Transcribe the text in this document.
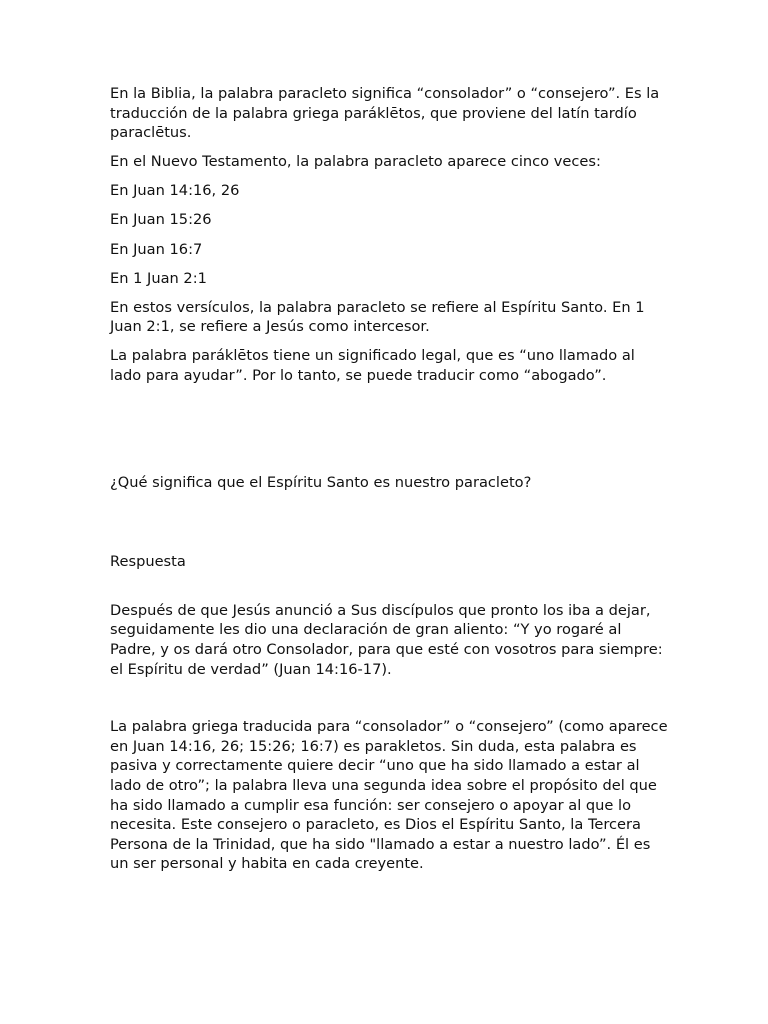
En la Biblia, la palabra paracleto significa “consolador” o “consejero”. Es la traducción de la palabra griega paráklētos, que proviene del latín tardío paraclētus.

En el Nuevo Testamento, la palabra paracleto aparece cinco veces:

En Juan 14:16, 26

En Juan 15:26

En Juan 16:7

En 1 Juan 2:1

En estos versículos, la palabra paracleto se refiere al Espíritu Santo. En 1 Juan 2:1, se refiere a Jesús como intercesor.

La palabra paráklētos tiene un significado legal, que es “uno llamado al lado para ayudar”. Por lo tanto, se puede traducir como “abogado”.

¿Qué significa que el Espíritu Santo es nuestro paracleto?

Respuesta

Después de que Jesús anunció a Sus discípulos que pronto los iba a dejar, seguidamente les dio una declaración de gran aliento: “Y yo rogaré al Padre, y os dará otro Consolador, para que esté con vosotros para siempre: el Espíritu de verdad” (Juan 14:16-17).

La palabra griega traducida para “consolador” o “consejero” (como aparece en Juan 14:16, 26; 15:26; 16:7) es parakletos. Sin duda, esta palabra es pasiva y correctamente quiere decir “uno que ha sido llamado a estar al lado de otro”; la palabra lleva una segunda idea sobre el propósito del que ha sido llamado a cumplir esa función: ser consejero o apoyar al que lo necesita. Este consejero o paracleto, es Dios el Espíritu Santo, la Tercera Persona de la Trinidad, que ha sido "llamado a estar a nuestro lado”. Él es un ser personal y habita en cada creyente.
